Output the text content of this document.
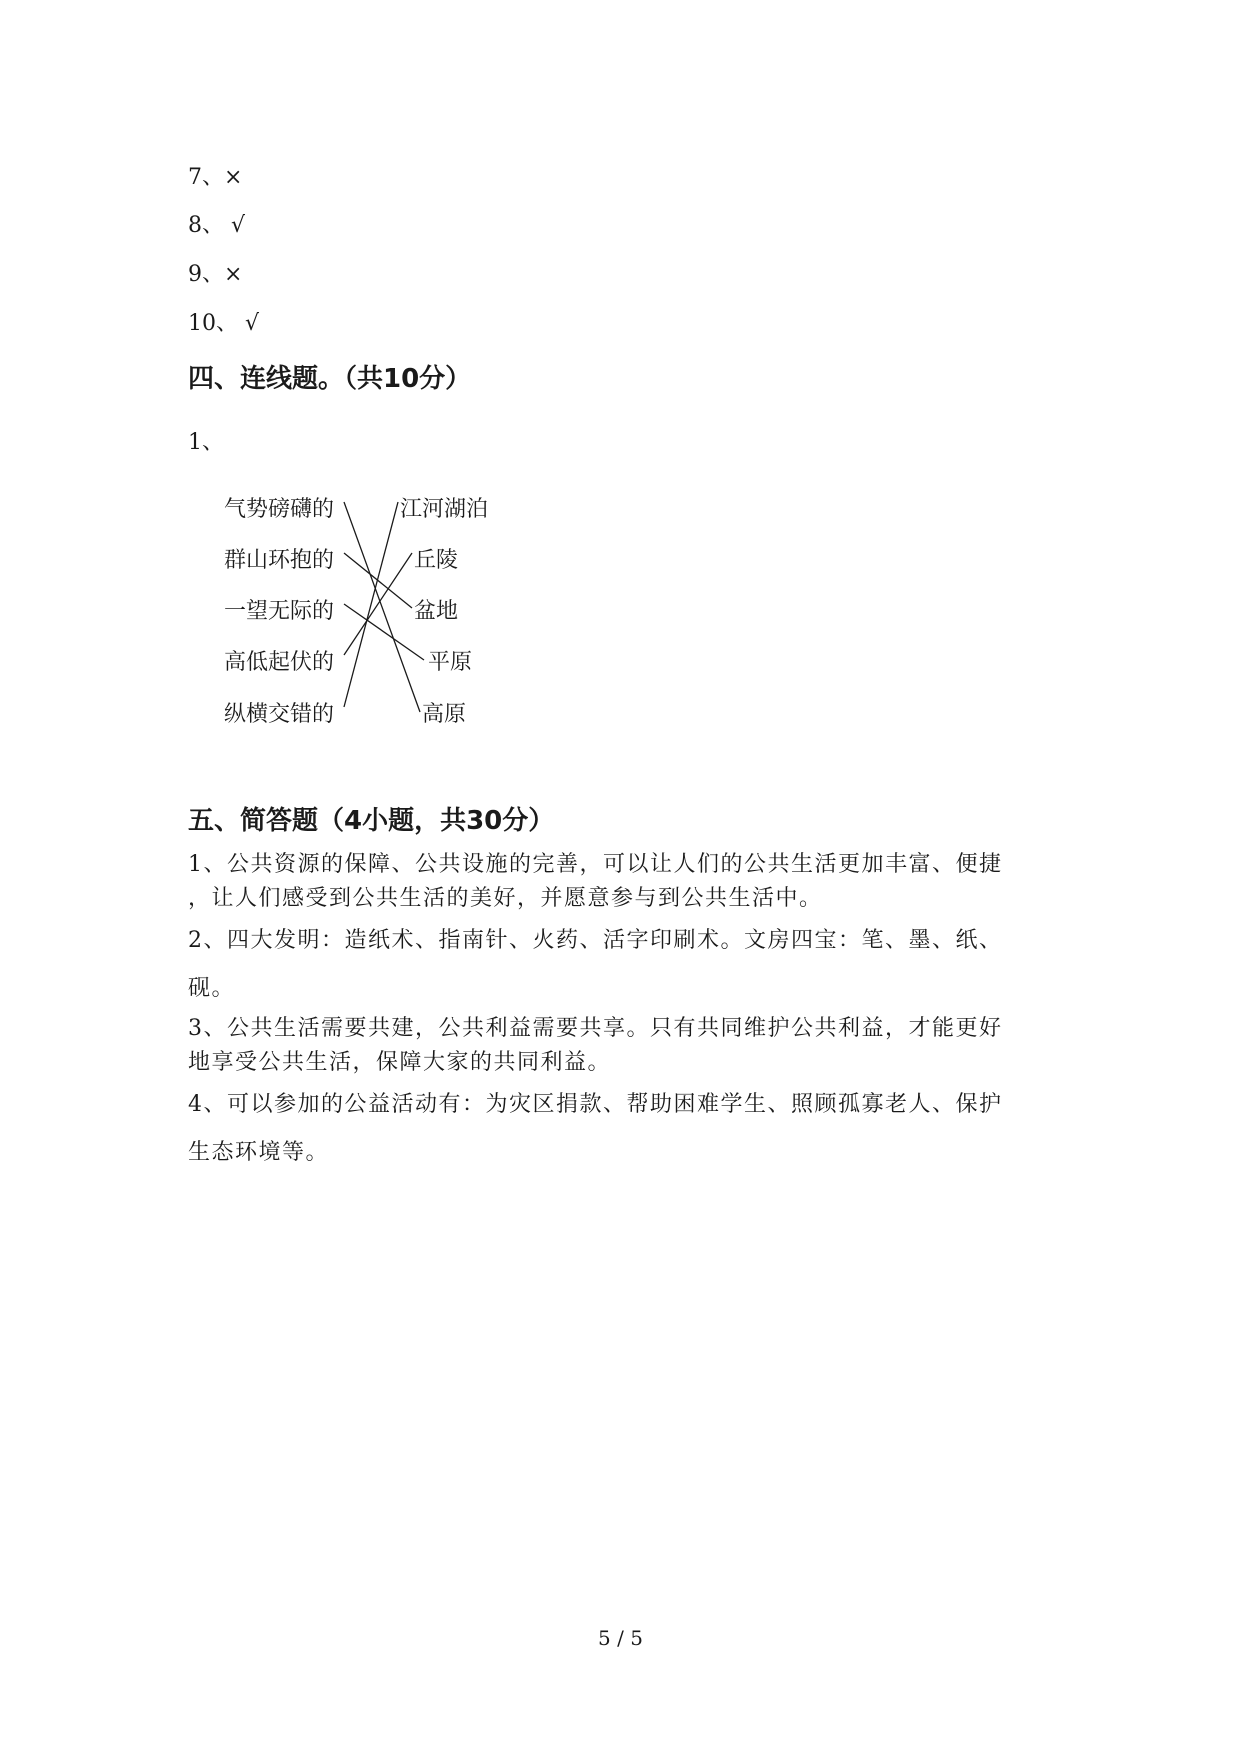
7、×
8、 √
9、×
10、 √
四、连线题。（共10分）
1、
气势磅礴的
群山环抱的
一望无际的
高低起伏的
纵横交错的
江河湖泊
丘陵
盆地
平原
高原
五、简答题（4小题，共30分）
1、公共资源的保障、公共设施的完善，可以让人们的公共生活更加丰富、便捷
，让人们感受到公共生活的美好，并愿意参与到公共生活中。
2、四大发明：造纸术、指南针、火药、活字印刷术。文房四宝：笔、墨、纸、
砚。
3、公共生活需要共建，公共利益需要共享。只有共同维护公共利益，才能更好
地享受公共生活，保障大家的共同利益。
4、可以参加的公益活动有：为灾区捐款、帮助困难学生、照顾孤寡老人、保护
生态环境等。
5 / 5
